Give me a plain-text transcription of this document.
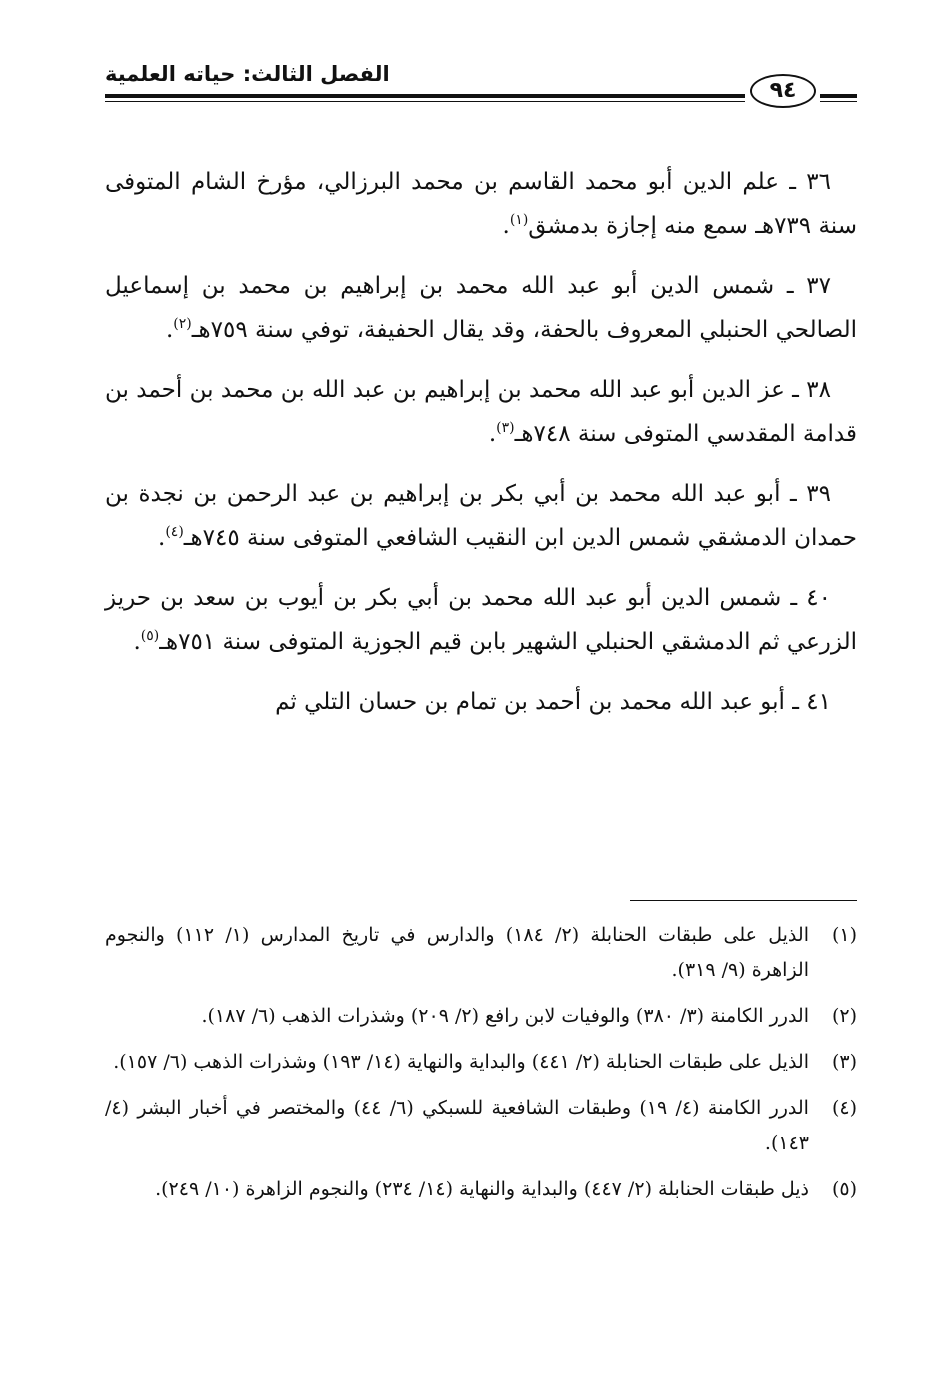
الفصل الثالث: حياته العلمية
٩٤

٣٦ ـ علم الدين أبو محمد القاسم بن محمد البرزالي، مؤرخ الشام المتوفى سنة ٧٣٩هـ سمع منه إجازة بدمشق$^{(١)}$.

٣٧ ـ شمس الدين أبو عبد الله محمد بن إبراهيم بن محمد بن إسماعيل الصالحي الحنبلي المعروف بالحفة، وقد يقال الحفيفة، توفي سنة ٧٥٩هـ$^{(٢)}$.

٣٨ ـ عز الدين أبو عبد الله محمد بن إبراهيم بن عبد الله بن محمد بن أحمد بن قدامة المقدسي المتوفى سنة ٧٤٨هـ$^{(٣)}$.

٣٩ ـ أبو عبد الله محمد بن أبي بكر بن إبراهيم بن عبد الرحمن بن نجدة بن حمدان الدمشقي شمس الدين ابن النقيب الشافعي المتوفى سنة ٧٤٥هـ$^{(٤)}$.

٤٠ ـ شمس الدين أبو عبد الله محمد بن أبي بكر بن أيوب بن سعد بن حريز الزرعي ثم الدمشقي الحنبلي الشهير بابن قيم الجوزية المتوفى سنة ٧٥١هـ$^{(٥)}$.

٤١ ـ أبو عبد الله محمد بن أحمد بن تمام بن حسان التلي ثم

(١)
الذيل على طبقات الحنابلة (٢/ ١٨٤) والدارس في تاريخ المدارس (١/ ١١٢) والنجوم الزاهرة (٩/ ٣١٩).
(٢)
الدرر الكامنة (٣/ ٣٨٠) والوفيات لابن رافع (٢/ ٢٠٩) وشذرات الذهب (٦/ ١٨٧).
(٣)
الذيل على طبقات الحنابلة (٢/ ٤٤١) والبداية والنهاية (١٤/ ١٩٣) وشذرات الذهب (٦/ ١٥٧).
(٤)
الدرر الكامنة (٤/ ١٩) وطبقات الشافعية للسبكي (٦/ ٤٤) والمختصر في أخبار البشر (٤/ ١٤٣).
(٥)
ذيل طبقات الحنابلة (٢/ ٤٤٧) والبداية والنهاية (١٤/ ٢٣٤) والنجوم الزاهرة (١٠/ ٢٤٩).
